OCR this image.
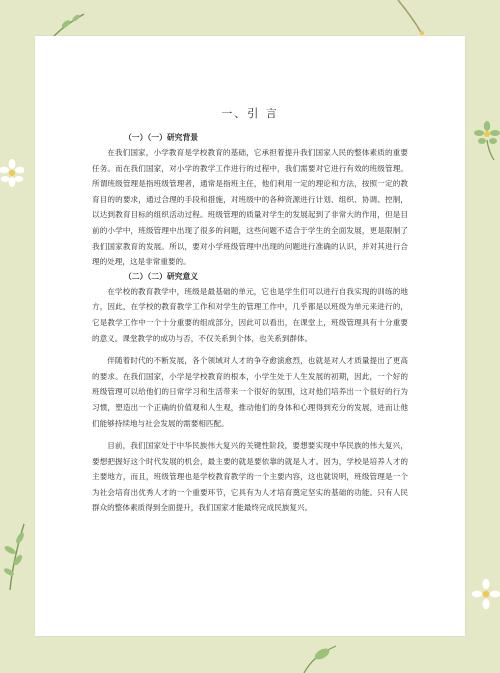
一、引 言

（一）（一）研究背景

在我们国家，小学教育是学校教育的基础，它承担着提升我们国家人民的整体素质的重要任务。而在我们国家，对小学的教学工作进行的过程中，我们需要对它进行有效的班级管理。所谓班级管理是指班级管理者，通常是指班主任，他们利用一定的理论和方法，按照一定的教育目的的要求，通过合理的手段和措施，对班级中的各种资源进行计划、组织、协调、控制，以达到教育目标的组织活动过程。班级管理的质量对学生的发展起到了非常大的作用，但是目前的小学中，班级管理中出现了很多的问题，这些问题不适合于学生的全面发展，更是限制了我们国家教育的发展。所以，要对小学班级管理中出现的问题进行准确的认识，并对其进行合理的处理，这是非常重要的。

（二）（二）研究意义

在学校的教育教学中，班级是最基础的单元，它也是学生们可以进行自我实现的训练的地方，因此，在学校的教育教学工作和对学生的管理工作中，几乎都是以班级为单元来进行的，它是教学工作中一个十分重要的组成部分，因此可以看出，在课堂上，班级管理具有十分重要的意义。课堂教学的成功与否，不仅关系到个体，也关系到群体。

伴随着时代的不断发展，各个领域对人才的争夺愈演愈烈，也就是对人才质量提出了更高的要求。在我们国家，小学是学校教育的根本，小学生处于人生发展的初期，因此，一个好的班级管理可以给他们的日常学习和生活带来一个很好的氛围，这对他们培养出一个很好的行为习惯，塑造出一个正确的价值观和人生观，推动他们的身体和心理得到充分的发展，进而让他们能够持续地与社会发展的需要相匹配。

目前，我们国家处于中华民族伟大复兴的关键性阶段，要想要实现中华民族的伟大复兴，要想把握好这个时代发展的机会，最主要的就是要依靠的就是人才。因为，学校是培养人才的主要地方，而且，班级管理也是学校教育教学的一个主要内容，这也就说明，班级管理是一个为社会培育出优秀人才的一个重要环节，它具有为人才培育奠定坚实的基础的功能。只有人民群众的整体素质得到全面提升，我们国家才能最终完成民族复兴。
